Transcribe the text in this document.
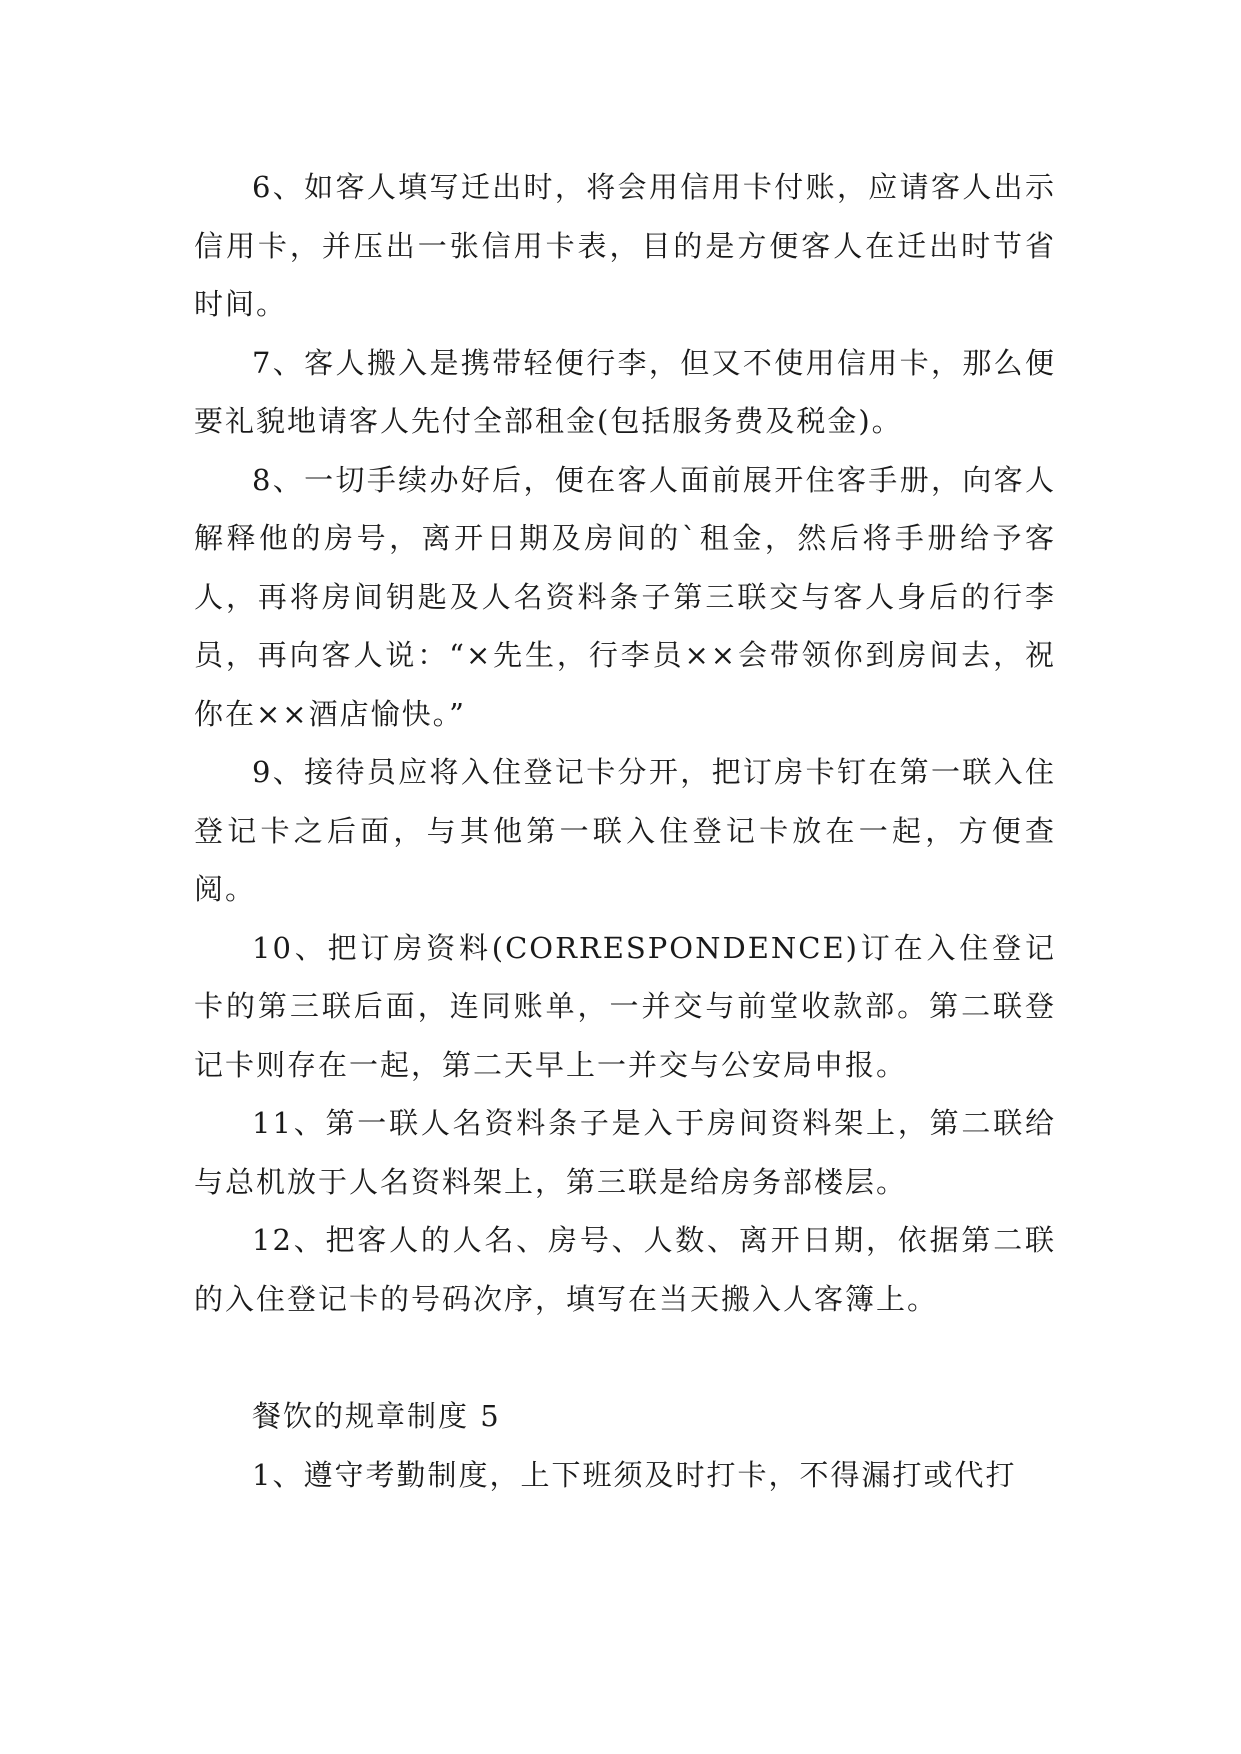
6、如客人填写迁出时，将会用信用卡付账，应请客人出示信用卡，并压出一张信用卡表，目的是方便客人在迁出时节省时间。

7、客人搬入是携带轻便行李，但又不使用信用卡，那么便要礼貌地请客人先付全部租金(包括服务费及税金)。

8、一切手续办好后，便在客人面前展开住客手册，向客人解释他的房号，离开日期及房间的`租金，然后将手册给予客人，再将房间钥匙及人名资料条子第三联交与客人身后的行李员，再向客人说：“×先生，行李员××会带领你到房间去，祝你在××酒店愉快。”

9、接待员应将入住登记卡分开，把订房卡钉在第一联入住登记卡之后面，与其他第一联入住登记卡放在一起，方便查阅。

10、把订房资料(CORRESPONDENCE)订在入住登记卡的第三联后面，连同账单，一并交与前堂收款部。第二联登记卡则存在一起，第二天早上一并交与公安局申报。

11、第一联人名资料条子是入于房间资料架上，第二联给与总机放于人名资料架上，第三联是给房务部楼层。

12、把客人的人名、房号、人数、离开日期，依据第二联的入住登记卡的号码次序，填写在当天搬入人客簿上。

餐饮的规章制度 5

1、遵守考勤制度，上下班须及时打卡，不得漏打或代打
